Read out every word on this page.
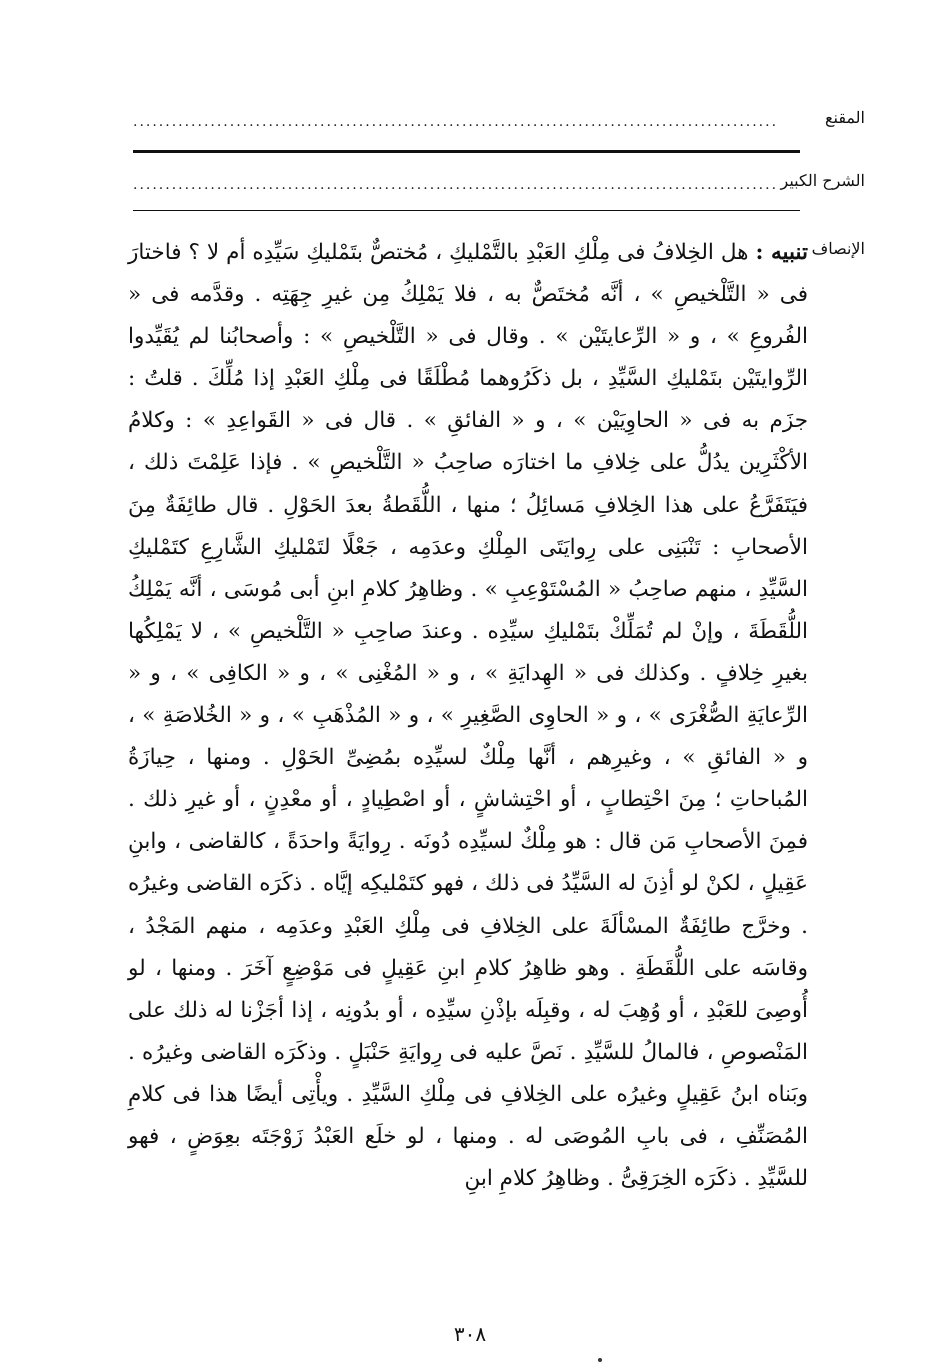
المقنع
الشرح الكبير
الإنصاف
....................................................................................................
....................................................................................................
تنبيه : هل الخِلافُ فى مِلْكِ العَبْدِ بالتَّمْليكِ ، مُختصٌّ بتَمْليكِ سَيِّدِه أم لا ؟ فاختارَ فى « التَّلْخيصِ » ، أنَّه مُختَصٌّ به ، فلا يَمْلِكُ مِن غيرِ جِهَتِه . وقدَّمه فى « الفُروعِ » ، و « الرِّعايتَيْن » . وقال فى « التَّلْخيصِ » : وأصحابُنا لم يُقَيِّدوا الرِّوايتَيْن بتَمْليكِ السَّيِّدِ ، بل ذكَرُوهما مُطْلَقًا فى مِلْكِ العَبْدِ إذا مُلِّكَ . قلتُ : جزَم به فى « الحاوِيَيْن » ، و « الفائقِ » . قال فى « القَواعِدِ » : وكلامُ الأكْثَرِين يدُلُّ على خِلافِ ما اختارَه صاحِبُ « التَّلْخيصِ » . فإذا عَلِمْتَ ذلك ، فيَتَفَرَّعُ على هذا الخِلافِ مَسائِلُ ؛ منها ، اللُّقَطةُ بعدَ الحَوْلِ . قال طائِفَةٌ مِنَ الأصحابِ : تَنْبَنِى على رِوايَتَى المِلْكِ وعدَمِه ، جَعْلًا لتَمْليكِ الشَّارِعِ كتَمْليكِ السَّيِّدِ ، منهم صاحِبُ « المُسْتَوْعِبِ » . وظاهِرُ كلامِ ابنِ أبى مُوسَى ، أنَّه يَمْلِكُ اللُّقَطَةَ ، وإنْ لم تُمَلِّكْ بتَمْليكِ سيِّدِه . وعندَ صاحِبِ « التَّلْخيصِ » ، لا يَمْلِكُها بغيرِ خِلافٍ . وكذلك فى « الهِدايَةِ » ، و « المُغْنِى » ، و « الكافِى » ، و « الرِّعايَةِ الصُّغْرَى » ، و « الحاوِى الصَّغِيرِ » ، و « المُذْهَبِ » ، و « الخُلاصَةِ » ، و « الفائقِ » ، وغيرِهم ، أنَّها مِلْكٌ لسيِّدِه بمُضِىِّ الحَوْلِ . ومنها ، حِيازَةُ المُباحاتِ ؛ مِنَ احْتِطابٍ ، أو احْتِشاشٍ ، أو اصْطِيادٍ ، أو معْدِنٍ ، أو غيرِ ذلك . فمِنَ الأصحابِ مَن قال : هو مِلْكٌ لسيِّدِه دُونَه . رِوايَةً واحدَةً ، كالقاضى ، وابنِ عَقِيلٍ ، لكنْ لو أذِنَ له السَّيِّدُ فى ذلك ، فهو كتَمْليكِه إيَّاه . ذكَرَه القاضى وغيرُه . وخرَّج طائِفَةٌ المسْألَةَ على الخِلافِ فى مِلْكِ العَبْدِ وعدَمِه ، منهم المَجْدُ ، وقاسَه على اللُّقَطَةِ . وهو ظاهِرُ كلامِ ابنِ عَقِيلٍ فى مَوْضِعٍ آخَرَ . ومنها ، لو أُوصِىَ للعَبْدِ ، أو وُهِبَ له ، وقبِلَه بإذْنِ سيِّدِه ، أو بدُونِه ، إذا أجَزْنا له ذلك على المَنْصوصِ ، فالمالُ للسَّيِّدِ . نَصَّ عليه فى رِوايَةِ حَنْبَلٍ . وذكَرَه القاضى وغيرُه . وبَناه ابنُ عَقِيلٍ وغيرُه على الخِلافِ فى مِلْكِ السَّيِّدِ . ويأْتِى أيضًا هذا فى كلامِ المُصَنِّفِ ، فى بابِ المُوصَى له . ومنها ، لو خلَع العَبْدُ زَوْجَتَه بعِوَضٍ ، فهو للسَّيِّدِ . ذكَرَه الخِرَقِىُّ . وظاهِرُ كلامِ ابنِ
٣٠٨
